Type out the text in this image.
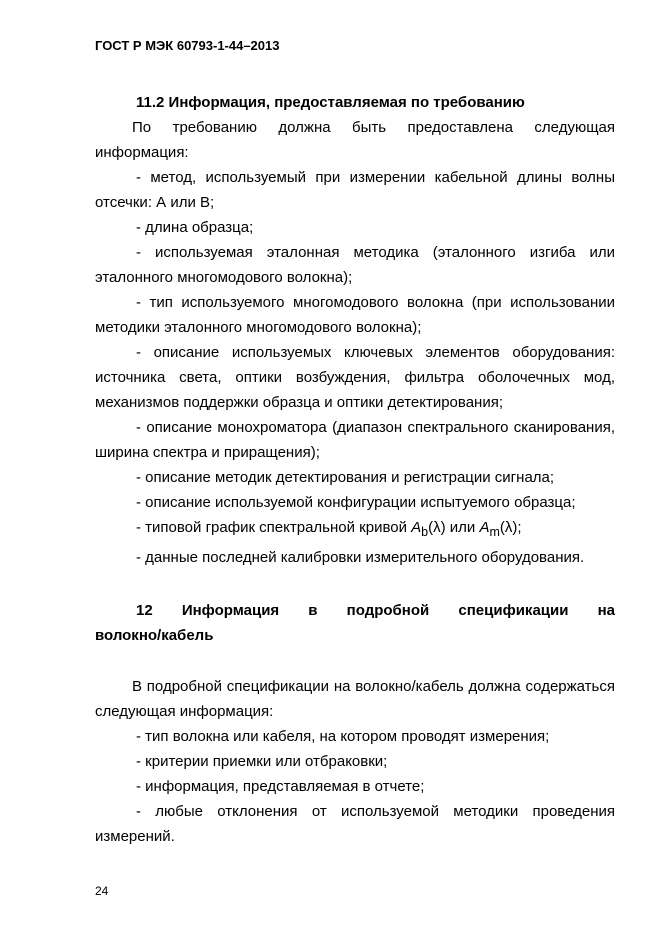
ГОСТ Р МЭК 60793-1-44–2013

11.2 Информация, предоставляемая по требованию

По требованию должна быть предоставлена следующая информация:

- метод, используемый при измерении кабельной длины волны отсечки: А или В;

- длина образца;

- используемая эталонная методика (эталонного изгиба или эталонного многомодового волокна);

- тип используемого многомодового волокна (при использовании методики эталонного многомодового волокна);

- описание используемых ключевых элементов оборудования: источника света, оптики возбуждения, фильтра оболочечных мод, механизмов поддержки образца и оптики детектирования;

- описание монохроматора (диапазон спектрального сканирования, ширина спектра и приращения);

- описание методик детектирования и регистрации сигнала;

- описание используемой конфигурации испытуемого образца;

- типовой график спектральной кривой $A_b(\lambda)$ или $A_m(\lambda)$;

- данные последней калибровки измерительного оборудования.

12 Информация в подробной спецификации на

волокно/кабель

В подробной спецификации на волокно/кабель должна содержаться следующая информация:

- тип волокна или кабеля, на котором проводят измерения;

- критерии приемки или отбраковки;

- информация, представляемая в отчете;

- любые отклонения от используемой методики проведения измерений.

24
